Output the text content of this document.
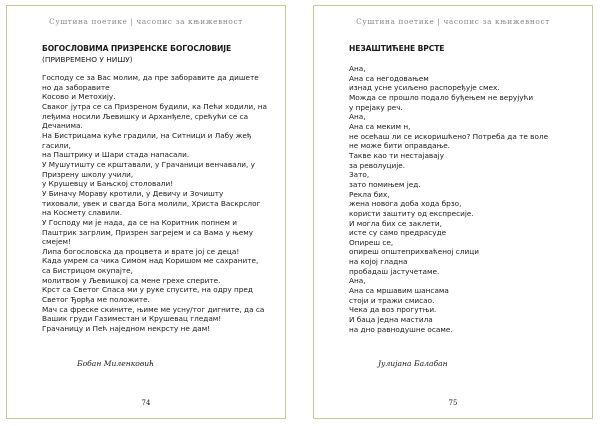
Суштина поетике | часопис за књижевност
БОГОСЛОВИМА ПРИЗРЕНСКЕ БОГОСЛОВИЈЕ
(ПРИВРЕМЕНО У НИШУ)
Господу се за Вас молим, да пре заборавите да дишете
но да заборавите
Косово и Метохију.
Сваког јутра се са Призреном будили, ка Пећи ходили, на
леђима носили Љевишку и Арханђеле, срећући се са
Дечанима.
На Бистрицама куће градили, на Ситници и Лабу жеђ
гасили,
на Паштрику и Шари стада напасали.
У Мушутишту се крштавали, у Грачаници венчавали, у
Призрену школу учили,
у Крушевцу и Бањској столовали!
У Биначу Мораву кротили, у Девичу и Зочишту
тиховали, увек и свагда Бога молили, Христа Васкрслог
на Космету славили.
У Господу ми је нада, да се на Коритник попнем и
Паштрик загрлим, Призрен загрејем и са Вама у њему
смејем!
Липа богословска да процвета и врате јој се деца!
Када умрем са чика Симом над Коришом ме сахраните,
са Бистрицом окупајте,
молитвом у Љевишкој са мене грехе сперите.
Крст са Светог Спаса ми у руке спусите, на одру пред
Светог Ђорђа ме положите.
Мач са фреске скините, њиме ме усну/тог дигните, да са
Вашик груди Газиместан и Крушевац гледам!
Грачаницу и Пећ наједном некрсту не дам!
Бобан Миленковић
74
Суштина поетике | часопис за књижевност
НЕЗАШТИЋЕНЕ ВРСТЕ
Ана,
Ана са негодовањем
изнад усне усиљено распоређује смех.
Можда се прошло подало буђењем не верујући
у прејаку реч.
Ана,
Ана са меким н,
не осећаш ли се искоришћено? Потреба да те воле
не може бити оправдање.
Такве као ти нестајавају
за револуције.
Зато,
зато помињем јед.
Рекла бих,
жена новога доба хода брзо,
користи заштиту од експресије.
И могла бих се заклети,
исте су само предрасуде
Опиреш се,
опиреш општеприхваћеној слици
на којој гладна
пробадаш јастучетаме.
Ана,
Ана са мршавим шансама
стоји и тражи смисао.
Чека да воз прогутњи.
И баца једна мастила
на дно равнодушне осаме.
Јулијана Балабан
75
